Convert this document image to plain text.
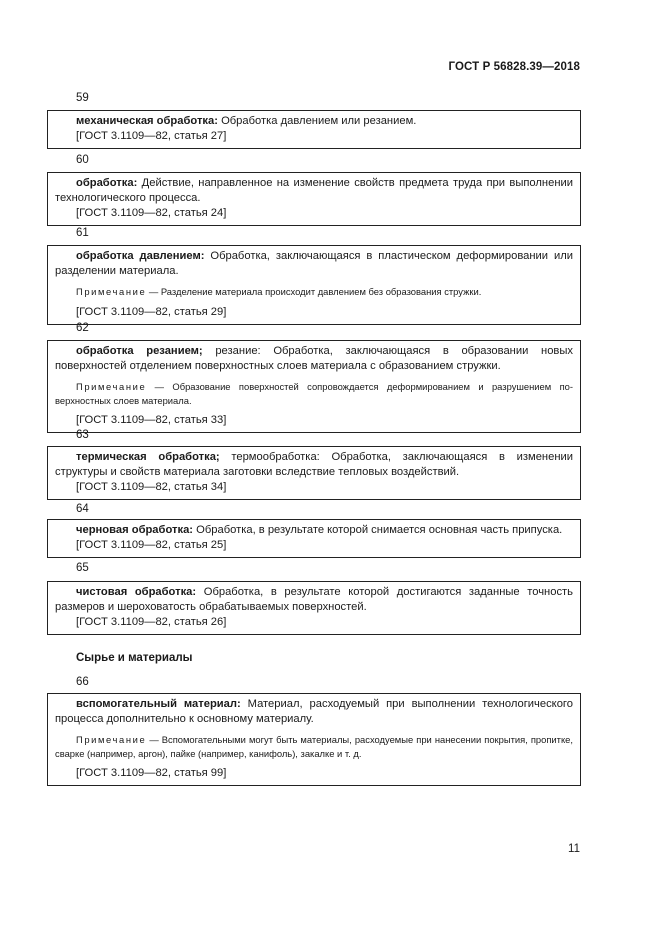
ГОСТ Р 56828.39—2018
59

механическая обработка: Обработка давлением или резанием.

[ГОСТ 3.1109—82, статья 27]

60

обработка: Действие, направленное на изменение свойств предмета труда при выполнении технологического процесса.

[ГОСТ 3.1109—82, статья 24]

61

обработка давлением: Обработка, заключающаяся в пластическом деформировании или разделении материала.

Примечание — Разделение материала происходит давлением без образования стружки.

[ГОСТ 3.1109—82, статья 29]

62

обработка резанием; резание: Обработка, заключающаяся в образовании новых поверхностей отделением поверхностных слоев материала с образованием стружки.

Примечание — Образование поверхностей сопровождается деформированием и разрушением поверхностных слоев материала.

[ГОСТ 3.1109—82, статья 33]

63

термическая обработка; термообработка: Обработка, заключающаяся в изменении структуры и свойств материала заготовки вследствие тепловых воздействий.

[ГОСТ 3.1109—82, статья 34]

64

черновая обработка: Обработка, в результате которой снимается основная часть припуска.

[ГОСТ 3.1109—82, статья 25]

65

чистовая обработка: Обработка, в результате которой достигаются заданные точность размеров и шероховатость обрабатываемых поверхностей.

[ГОСТ 3.1109—82, статья 26]

Сырье и материалы
66

вспомогательный материал: Материал, расходуемый при выполнении технологического процесса дополнительно к основному материалу.

Примечание — Вспомогательными могут быть материалы, расходуемые при нанесении покрытия, пропитке, сварке (например, аргон), пайке (например, канифоль), закалке и т. д.

[ГОСТ 3.1109—82, статья 99]

11
